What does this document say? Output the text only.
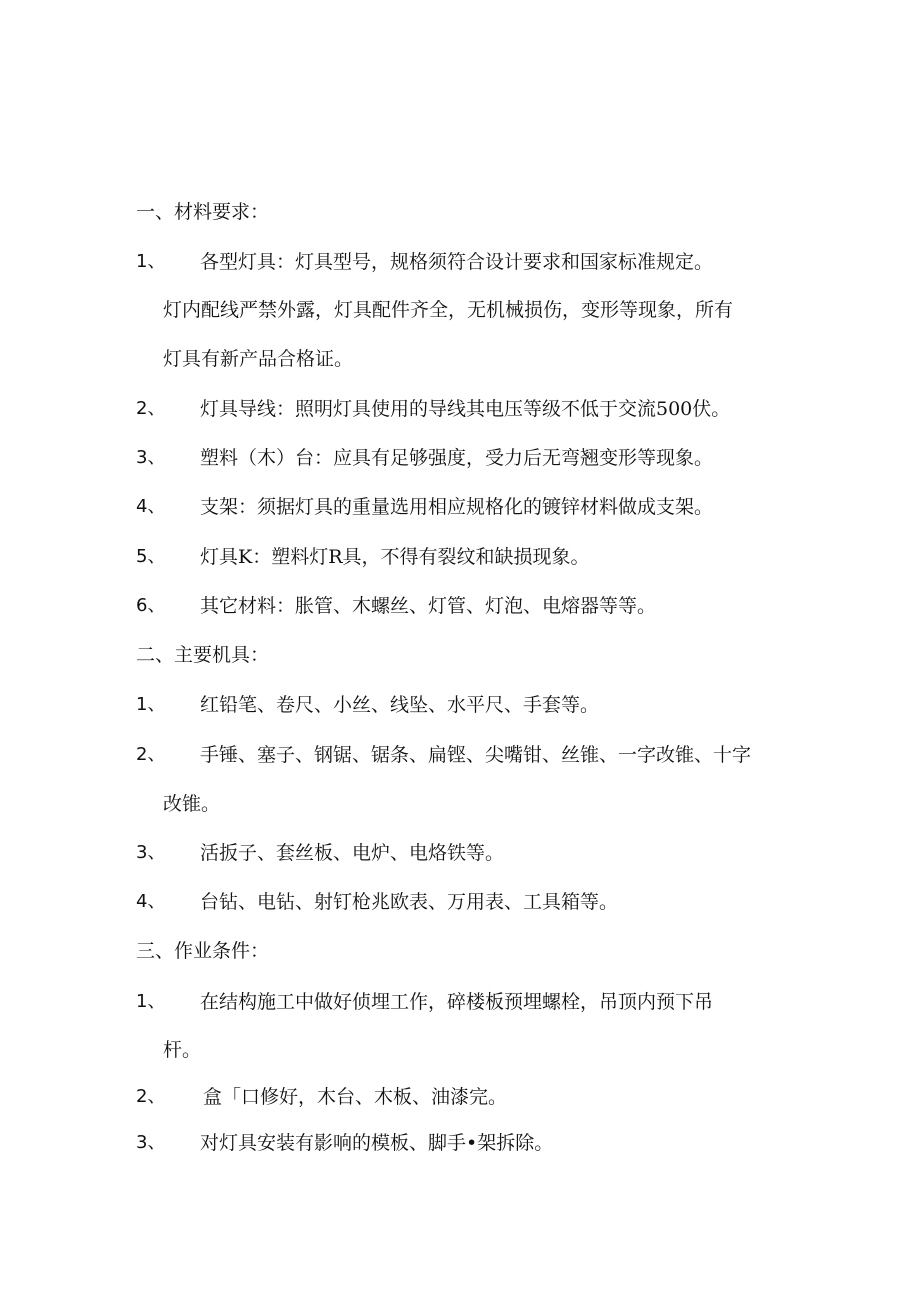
一、材料要求：
1、 各型灯具：灯具型号，规格须符合设计要求和国家标准规定。
灯内配线严禁外露，灯具配件齐全，无机械损伤，变形等现象，所有
灯具有新产品合格证。
2、 灯具导线：照明灯具使用的导线其电压等级不低于交流500伏。
3、 塑料（木）台：应具有足够强度，受力后无弯翘变形等现象。
4、 支架：须据灯具的重量选用相应规格化的镀锌材料做成支架。
5、 灯具K：塑料灯R具，不得有裂纹和缺损现象。
6、 其它材料：胀管、木螺丝、灯管、灯泡、电熔器等等。
二、主要机具：
1、 红铅笔、卷尺、小丝、线坠、水平尺、手套等。
2、 手锤、塞子、钢锯、锯条、扁铿、尖嘴钳、丝锥、一字改锥、十字
改锥。
3、 活扳子、套丝板、电炉、电烙铁等。
4、 台钻、电钻、射钉枪兆欧表、万用表、工具箱等。
三、作业条件：
1、 在结构施工中做好侦埋工作，碎楼板预埋螺栓，吊顶内预下吊
杆。
2、 盒「口修好，木台、木板、油漆完。
3、 对灯具安装有影响的模板、脚手•架拆除。
